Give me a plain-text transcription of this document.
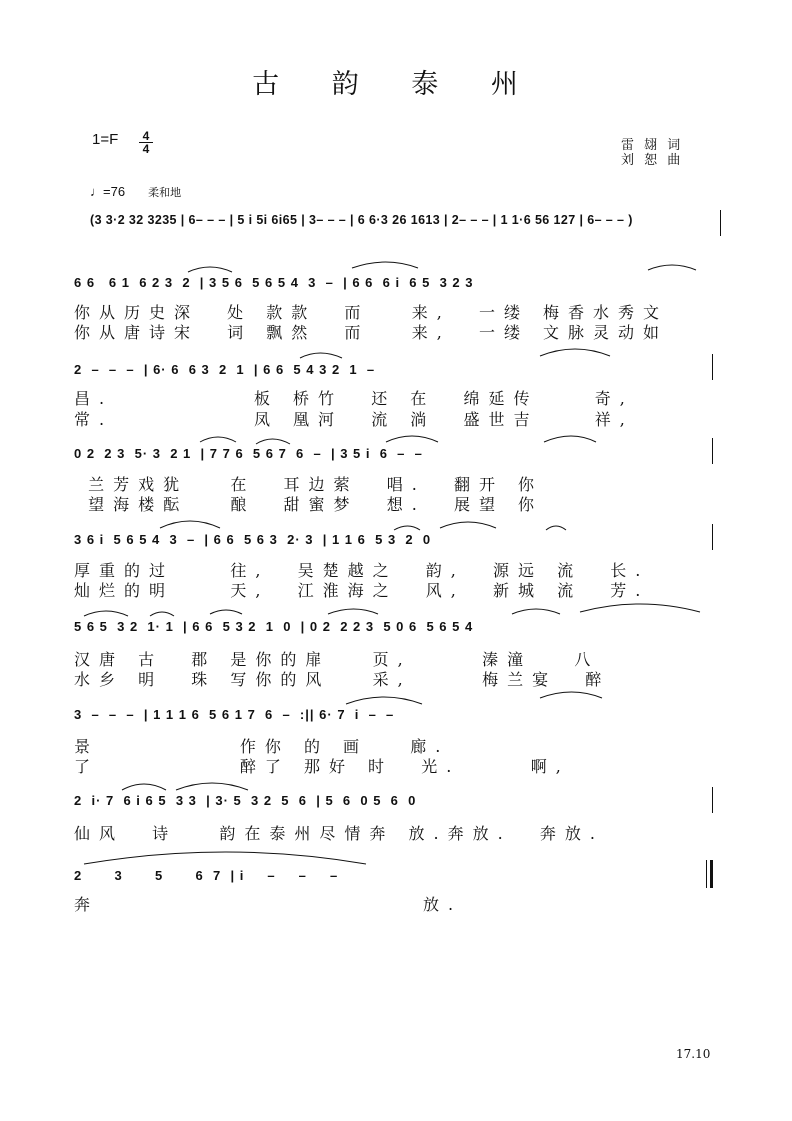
古 韵 泰 州
1=F	4
4	雷 翃 词
刘 恕 曲
♩=76 柔和地
(3 3·2 32 3235 | 6– – – | 5 i 5i 6i65 | 3– – – | 6 6·3 26 1613 | 2– – – | 1 1·6 56 127 | 6– – – )
6 6   6 1  6 2 3  2  | 3 5 6  5 6 5 4  3  –  | 6 6  6 i  6 5  3 2 3
你从历史深  处 款款  而   来,  一缕 梅香水秀文
你从唐诗宋  词 飘然  而   来,  一缕 文脉灵动如
2  –  –  –  | 6· 6  6 3  2  1  | 6 6  5 4 3 2  1  –
昌.          板 桥竹  还 在  绵延传    奇,
常.          凤 凰河  流 淌  盛世吉    祥,
0 2  2 3  5· 3  2 1  | 7 7 6  5 6 7  6  –  | 3 5 i  6  –  –
兰芳戏犹   在  耳边萦  唱.  翻开 你
望海楼酝   酿  甜蜜梦  想.  展望 你
3 6 i  5 6 5 4  3  –  | 6 6  5 6 3  2· 3  | 1 1 6  5 3  2  0
厚重的过    往,  吴楚越之  韵,  源远 流  长.
灿烂的明    天,  江淮海之  风,  新城 流  芳.
5 6 5  3 2  1· 1  | 6 6  5 3 2  1  0  | 0 2  2 2 3  5 0 6  5 6 5 4
汉唐 古  郡 是你的扉   页,     溱潼   八
水乡 明  珠 写你的风   采,     梅兰宴  醉
3  –  –  –  | 1 1 1 6  5 6 1 7  6  –  :|| 6· 7  i  –  –
景          作你 的 画   廊.
了          醉了 那好 时  光.     啊,
2  i· 7  6 i 6 5  3 3  | 3· 5  3 2  5  6  | 5  6  0 5  6  0
仙风  诗   韵在泰州尽情奔 放.奔放.  奔放.
2       3       5       6  7  | i     –     –     –
奔                       放.
17.10
